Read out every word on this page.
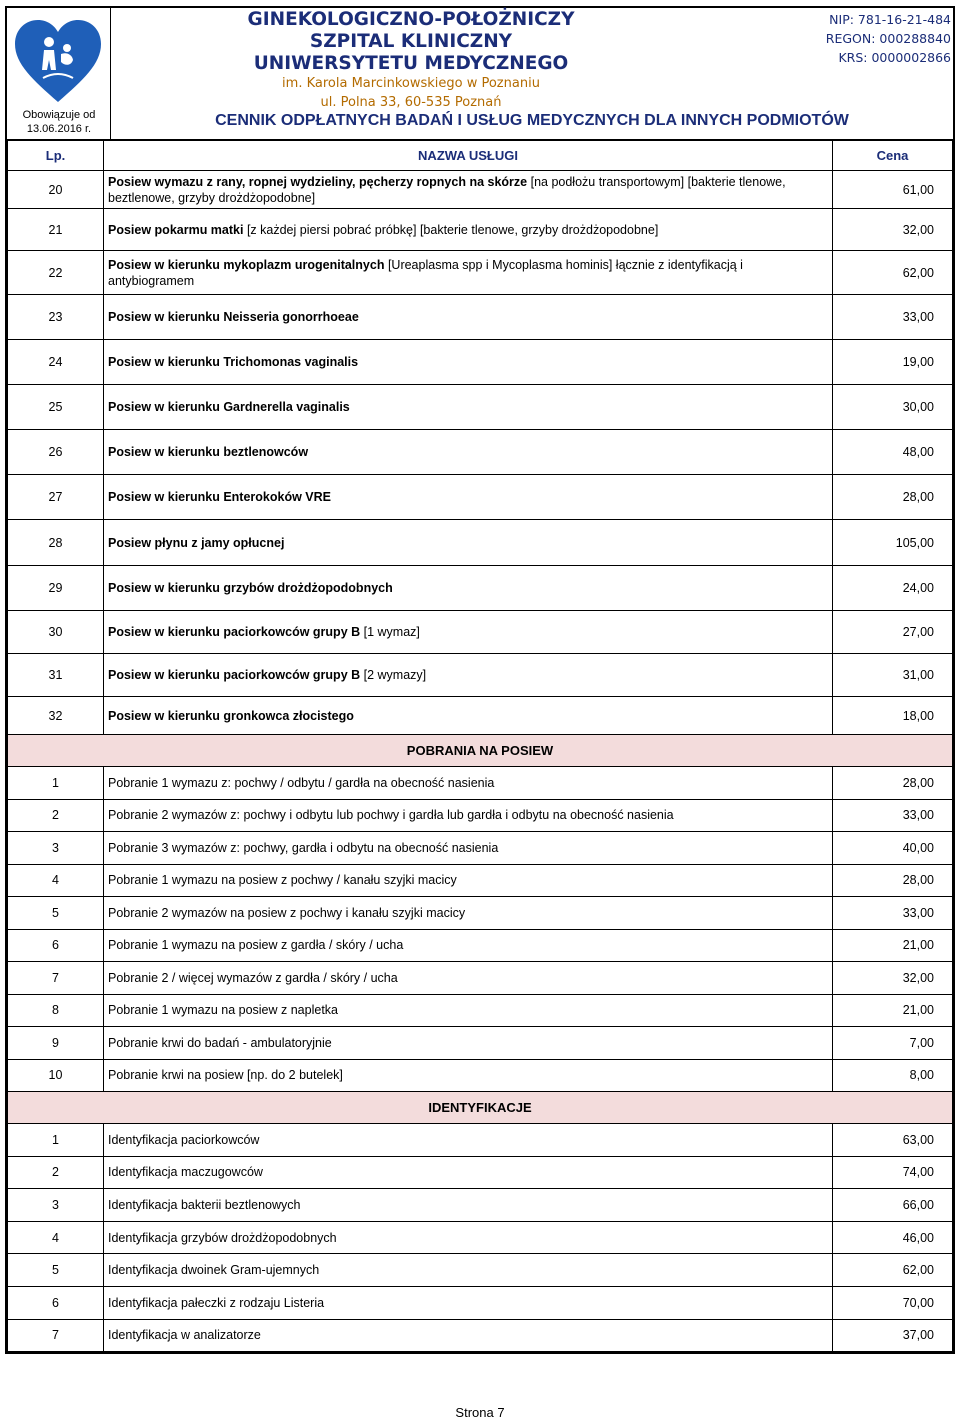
Obowiązuje od
13.06.2016 r.
GINEKOLOGICZNO-POŁOŻNICZY
SZPITAL KLINICZNY
UNIWERSYTETU MEDYCZNEGO
im. Karola Marcinkowskiego w Poznaniu
ul. Polna 33, 60-535 Poznań
NIP: 781-16-21-484
REGON: 000288840
KRS: 0000002866
CENNIK ODPŁATNYCH BADAŃ I USŁUG MEDYCZNYCH DLA INNYCH PODMIOTÓW
Lp.	NAZWA USŁUGI	Cena
20	Posiew wymazu z rany, ropnej wydzieliny, pęcherzy ropnych na skórze [na podłożu transportowym] [bakterie tlenowe, beztlenowe, grzyby drożdżopodobne]	61,00
21	Posiew pokarmu matki [z każdej piersi pobrać próbkę] [bakterie tlenowe, grzyby drożdżopodobne]	32,00
22	Posiew w kierunku mykoplazm urogenitalnych [Ureaplasma spp i Mycoplasma hominis] łącznie z identyfikacją i antybiogramem	62,00
23	Posiew w kierunku Neisseria gonorrhoeae	33,00
24	Posiew w kierunku Trichomonas vaginalis	19,00
25	Posiew w kierunku Gardnerella vaginalis	30,00
26	Posiew w kierunku beztlenowców	48,00
27	Posiew w kierunku Enterokoków VRE	28,00
28	Posiew płynu z jamy opłucnej	105,00
29	Posiew w kierunku grzybów drożdżopodobnych	24,00
30	Posiew w kierunku paciorkowców grupy B [1 wymaz]	27,00
31	Posiew w kierunku paciorkowców grupy B [2 wymazy]	31,00
32	Posiew w kierunku gronkowca złocistego	18,00
POBRANIA NA POSIEW		
1	Pobranie 1 wymazu z: pochwy / odbytu / gardła na obecność nasienia	28,00
2	Pobranie 2 wymazów z: pochwy i odbytu lub pochwy i gardła lub gardła i odbytu na obecność nasienia	33,00
3	Pobranie 3 wymazów z: pochwy, gardła i odbytu na obecność nasienia	40,00
4	Pobranie 1 wymazu na posiew z pochwy / kanału szyjki macicy	28,00
5	Pobranie 2 wymazów na posiew z pochwy i kanału szyjki macicy	33,00
6	Pobranie 1 wymazu na posiew z gardła / skóry / ucha	21,00
7	Pobranie 2 / więcej wymazów z gardła / skóry / ucha	32,00
8	Pobranie 1 wymazu na posiew z napletka	21,00
9	Pobranie krwi do badań - ambulatoryjnie	7,00
10	Pobranie krwi na posiew [np. do 2 butelek]	8,00
IDENTYFIKACJE		
1	Identyfikacja paciorkowców	63,00
2	Identyfikacja maczugowców	74,00
3	Identyfikacja bakterii beztlenowych	66,00
4	Identyfikacja grzybów drożdżopodobnych	46,00
5	Identyfikacja dwoinek Gram-ujemnych	62,00
6	Identyfikacja pałeczki z rodzaju Listeria	70,00
7	Identyfikacja w analizatorze	37,00
Strona 7
